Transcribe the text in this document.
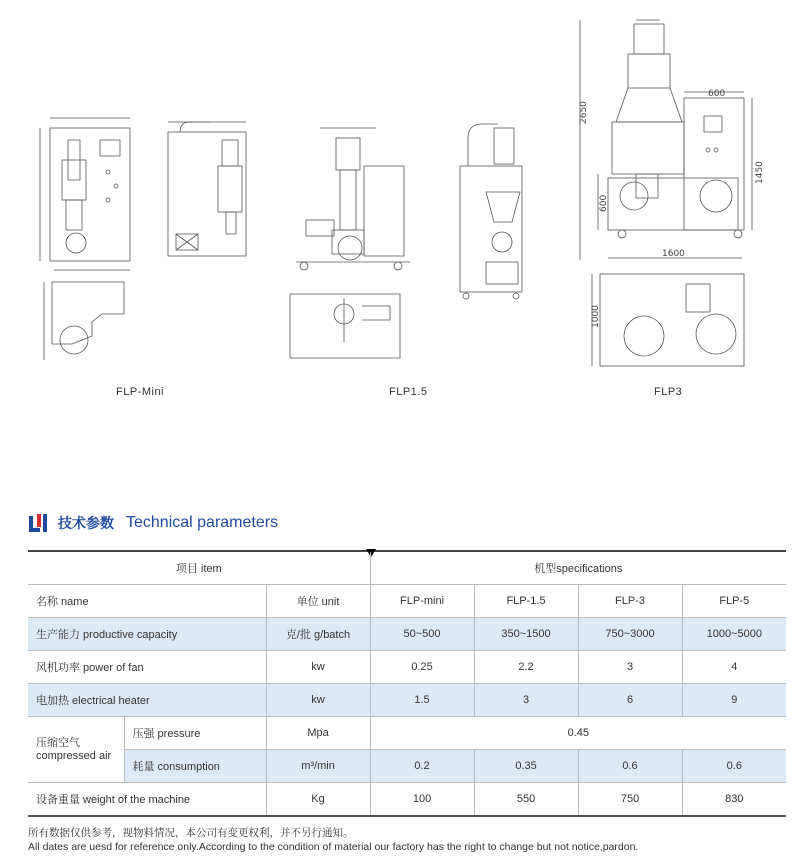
600
2650
1450
600
1600
1000
FLP-Mini	FLP1.5	FLP3
技术参数 Technical parameters
项目 item			机型specifications			
名称 name		单位 unit	FLP-mini	FLP-1.5	FLP-3	FLP-5
生产能力 productive capacity		克/批 g/batch	50~500	350~1500	750~3000	1000~5000
风机功率 power of fan		kw	0.25	2.2	3	4
电加热 electrical heater		kw	1.5	3	6	9

压缩空气
compressed air	压强 pressure	Mpa	0.45			
	耗量 consumption	m³/min	0.2	0.35	0.6	0.6
设备重量 weight of the machine		Kg	100	550	750	830
所有数据仅供参考，视物料情况，本公司有变更权利，并不另行通知。
All dates are uesd for reference only.According to the condition of material our factory has the right to change but not notice,pardon.
